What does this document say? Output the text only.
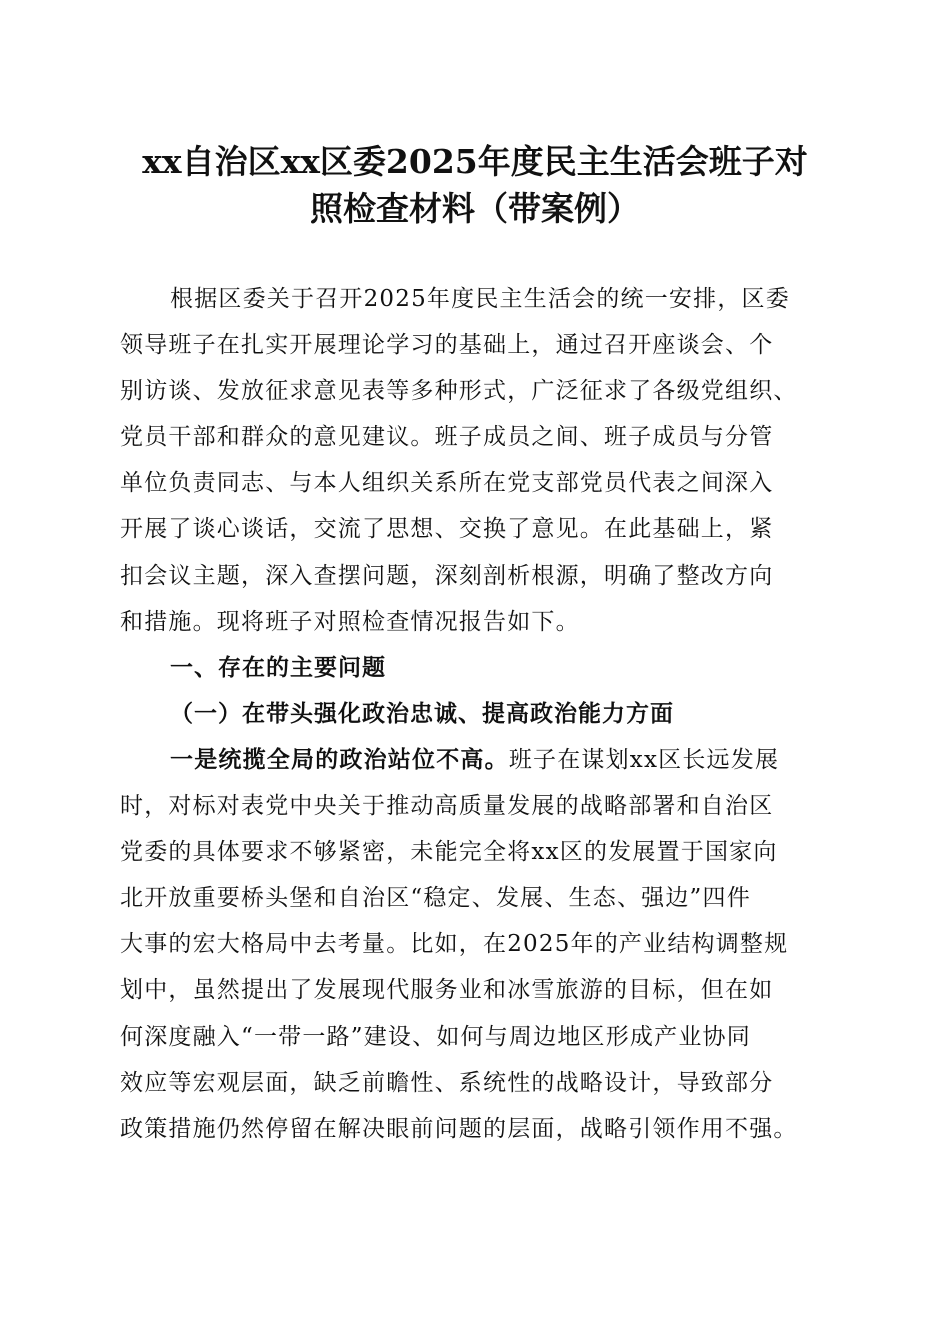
xx自治区xx区委2025年度民主生活会班子对
照检查材料（带案例）
根据区委关于召开2025年度民主生活会的统一安排，区委
领导班子在扎实开展理论学习的基础上，通过召开座谈会、个
别访谈、发放征求意见表等多种形式，广泛征求了各级党组织、
党员干部和群众的意见建议。班子成员之间、班子成员与分管
单位负责同志、与本人组织关系所在党支部党员代表之间深入
开展了谈心谈话，交流了思想、交换了意见。在此基础上，紧
扣会议主题，深入查摆问题，深刻剖析根源，明确了整改方向
和措施。现将班子对照检查情况报告如下。
一、存在的主要问题
（一）在带头强化政治忠诚、提高政治能力方面
一是统揽全局的政治站位不高。班子在谋划xx区长远发展
时，对标对表党中央关于推动高质量发展的战略部署和自治区
党委的具体要求不够紧密，未能完全将xx区的发展置于国家向
北开放重要桥头堡和自治区“稳定、发展、生态、强边”四件
大事的宏大格局中去考量。比如，在2025年的产业结构调整规
划中，虽然提出了发展现代服务业和冰雪旅游的目标，但在如
何深度融入“一带一路”建设、如何与周边地区形成产业协同
效应等宏观层面，缺乏前瞻性、系统性的战略设计，导致部分
政策措施仍然停留在解决眼前问题的层面，战略引领作用不强。
